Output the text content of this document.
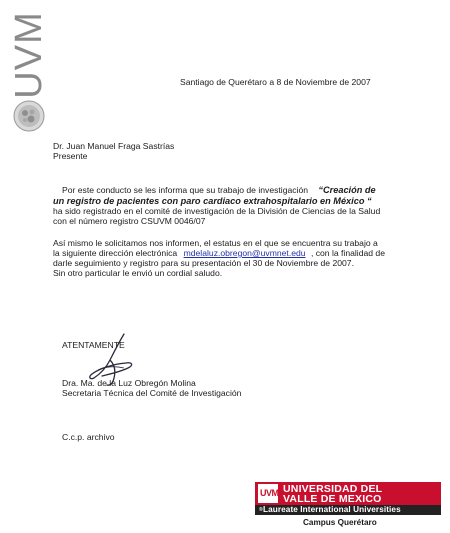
UVM	Santiago de Querétaro a 8 de Noviembre de 2007
Dr. Juan Manuel Fraga Sastrías
Presente
Por este conducto se les informa que su trabajo de investigación “Creación de
un registro de pacientes con paro cardiaco extrahospitalario en México “
ha sido registrado en el comité de investigación de la División de Ciencias de la Salud
con el número registro CSUVM 0046/07
Así mismo le solicitamos nos informen, el estatus en el que se encuentra su trabajo a
la siguiente dirección electrónica mdelaluz.obregon@uvmnet.edu , con la finalidad de
darle seguimiento y registro para su presentación el 30 de Noviembre de 2007.
Sin otro particular le envió un cordial saludo.
ATENTAMENTE
Dra. Ma. de la Luz Obregón Molina
Secretaria Técnica del Comité de Investigación
C.c.p. archivo
UVM UNIVERSIDAD DEL
VALLE DE MEXICO
Laureate International Universities
®
Campus Querétaro
